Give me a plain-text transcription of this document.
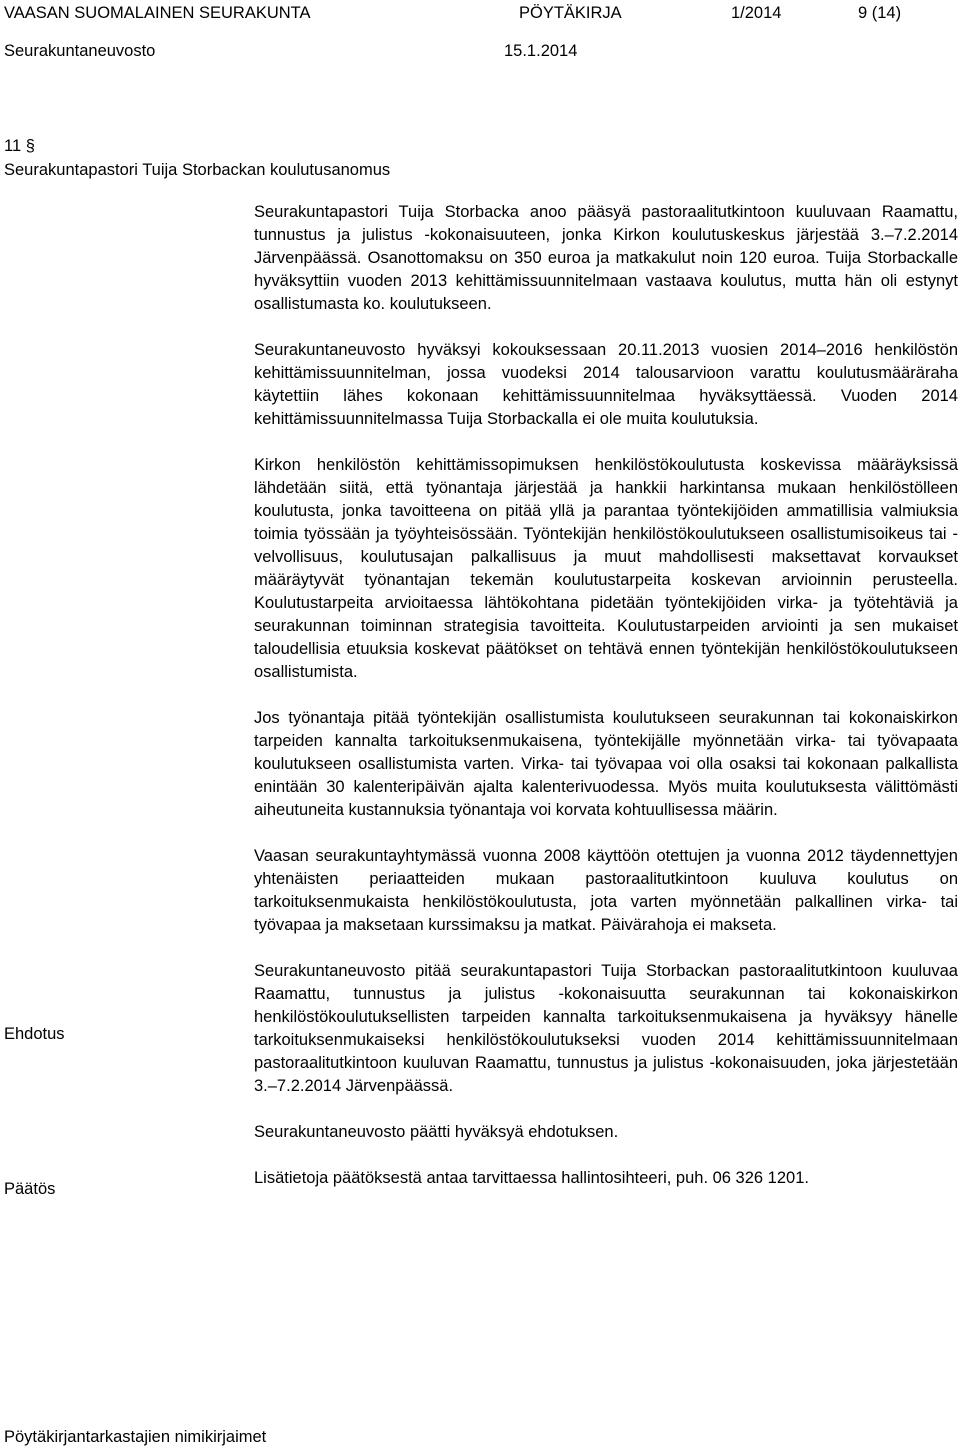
VAASAN SUOMALAINEN SEURAKUNTA	PÖYTÄKIRJA	1/2014	9 (14)
Seurakuntaneuvosto	15.1.2014
11 §
Seurakuntapastori Tuija Storbackan koulutusanomus

Seurakuntapastori Tuija Storbacka anoo pääsyä pastoraalitutkintoon kuuluvaan Raamattu, tunnustus ja julistus -kokonaisuuteen, jonka Kirkon koulutuskeskus järjestää 3.–7.2.2014 Järvenpäässä. Osanottomaksu on 350 euroa ja matkakulut noin 120 euroa. Tuija Storbackalle hyväksyttiin vuoden 2013 kehittämissuunnitelmaan vastaava koulutus, mutta hän oli estynyt osallistumasta ko. koulutukseen.

Seurakuntaneuvosto hyväksyi kokouksessaan 20.11.2013 vuosien 2014–2016 henkilöstön kehittämissuunnitelman, jossa vuodeksi 2014 talousarvioon varattu koulutusmääräraha käytettiin lähes kokonaan kehittämissuunnitelmaa hyväksyttäessä. Vuoden 2014 kehittämissuunnitelmassa Tuija Storbackalla ei ole muita koulutuksia.

Kirkon henkilöstön kehittämissopimuksen henkilöstökoulutusta koskevissa määräyksissä lähdetään siitä, että työnantaja järjestää ja hankkii harkintansa mukaan henkilöstölleen koulutusta, jonka tavoitteena on pitää yllä ja parantaa työntekijöiden ammatillisia valmiuksia toimia työssään ja työyhteisössään. Työntekijän henkilöstökoulutukseen osallistumisoikeus tai -velvollisuus, koulutusajan palkallisuus ja muut mahdollisesti maksettavat korvaukset määräytyvät työnantajan tekemän koulutustarpeita koskevan arvioinnin perusteella. Koulutustarpeita arvioitaessa lähtökohtana pidetään työntekijöiden virka- ja työtehtäviä ja seurakunnan toiminnan strategisia tavoitteita. Koulutustarpeiden arviointi ja sen mukaiset taloudellisia etuuksia koskevat päätökset on tehtävä ennen työntekijän henkilöstökoulutukseen osallistumista.

Jos työnantaja pitää työntekijän osallistumista koulutukseen seurakunnan tai kokonaiskirkon tarpeiden kannalta tarkoituksenmukaisena, työntekijälle myönnetään virka- tai työvapaata koulutukseen osallistumista varten. Virka- tai työvapaa voi olla osaksi tai kokonaan palkallista enintään 30 kalenteripäivän ajalta kalenterivuodessa. Myös muita koulutuksesta välittömästi aiheutuneita kustannuksia työnantaja voi korvata kohtuullisessa määrin.

Vaasan seurakuntayhtymässä vuonna 2008 käyttöön otettujen ja vuonna 2012 täydennettyjen yhtenäisten periaatteiden mukaan pastoraalitutkintoon kuuluva koulutus on tarkoituksenmukaista henkilöstökoulutusta, jota varten myönnetään palkallinen virka- tai työvapaa ja maksetaan kurssimaksu ja matkat. Päivärahoja ei makseta.

Seurakuntaneuvosto pitää seurakuntapastori Tuija Storbackan pastoraalitutkintoon kuuluvaa Raamattu, tunnustus ja julistus -kokonaisuutta seurakunnan tai kokonaiskirkon henkilöstökoulutuksellisten tarpeiden kannalta tarkoituksenmukaisena ja hyväksyy hänelle tarkoituksenmukaiseksi henkilöstökoulutukseksi vuoden 2014 kehittämissuunnitelmaan pastoraalitutkintoon kuuluvan Raamattu, tunnustus ja julistus -kokonaisuuden, joka järjestetään 3.–7.2.2014 Järvenpäässä.

Seurakuntaneuvosto päätti hyväksyä ehdotuksen.

Lisätietoja päätöksestä antaa tarvittaessa hallintosihteeri, puh. 06 326 1201.

Ehdotus
Päätös
Pöytäkirjantarkastajien nimikirjaimet
